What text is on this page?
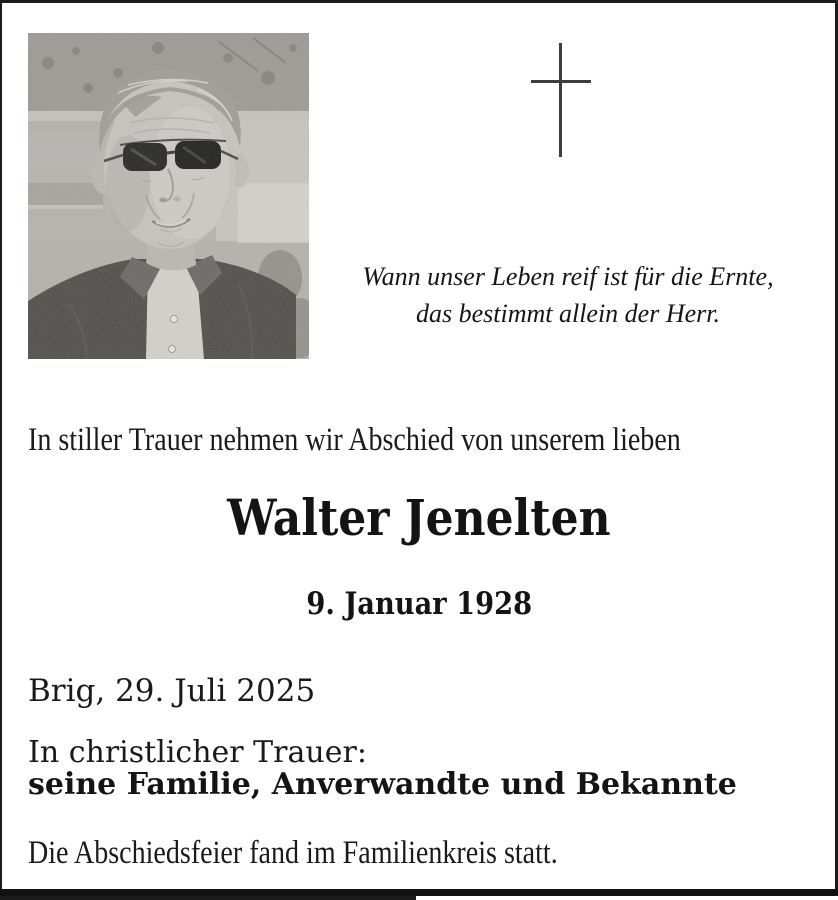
Wann unser Leben reif ist für die Ernte,
das bestimmt allein der Herr.
In stiller Trauer nehmen wir Abschied von unserem lieben
Walter Jenelten
9. Januar 1928
Brig, 29. Juli 2025
In christlicher Trauer:
seine Familie, Anverwandte und Bekannte
Die Abschiedsfeier fand im Familienkreis statt.
